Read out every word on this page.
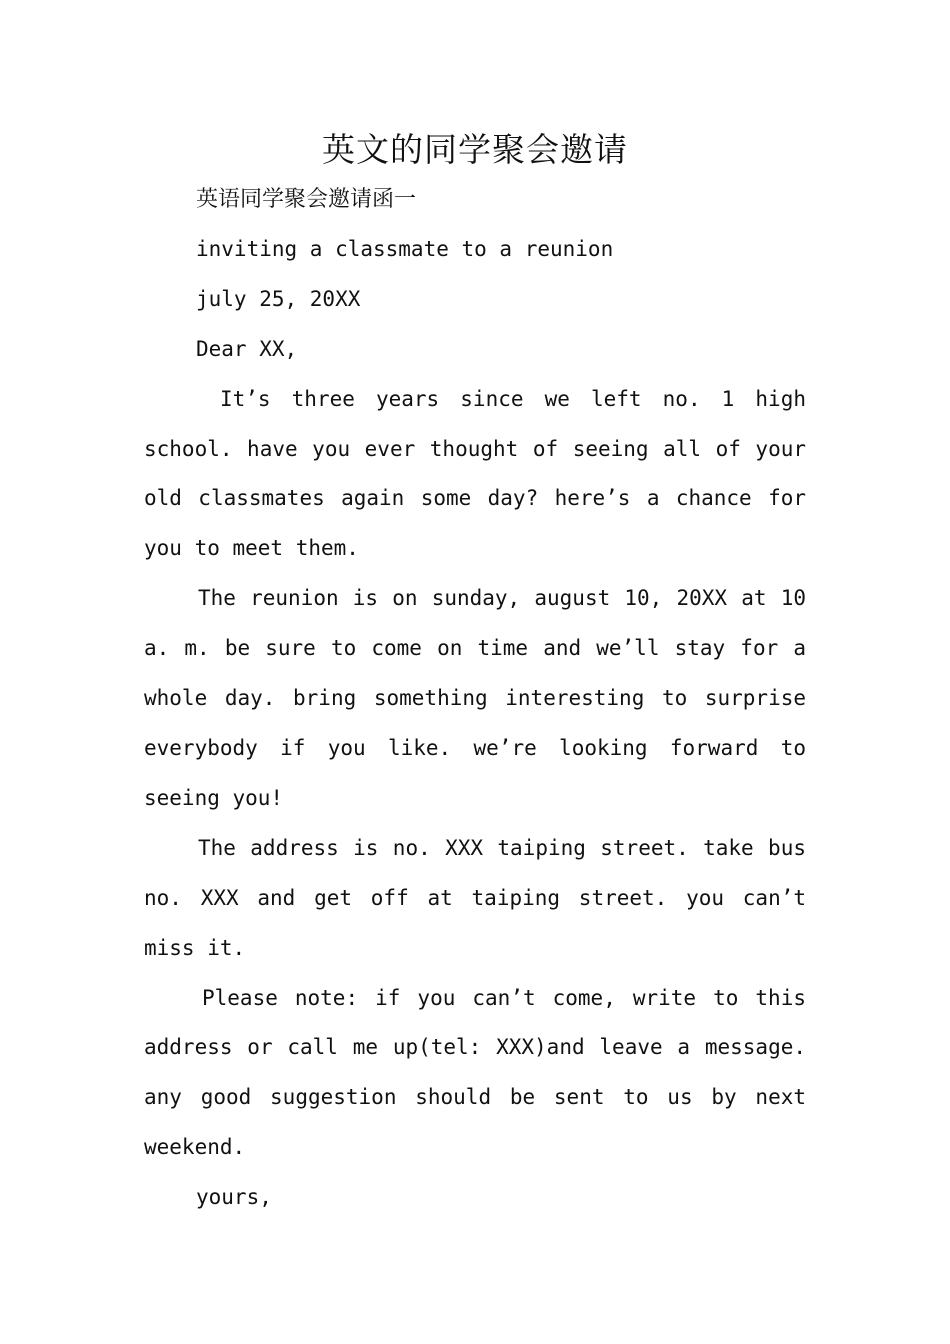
英文的同学聚会邀请

英语同学聚会邀请函一

inviting a classmate to a reunion

july 25, 20XX

Dear XX,

It’s three years since we left no. 1 high school. have you ever thought of seeing all of your old classmates again some day? here’s a chance for you to meet them.

The reunion is on sunday, august 10, 20XX at 10 a. m. be sure to come on time and we’ll stay for a whole day. bring something interesting to surprise everybody if you like. we’re looking forward to seeing you!

The address is no. XXX taiping street. take bus no. XXX and get off at taiping street. you can’t miss it.

Please note: if you can’t come, write to this address or call me up(tel: XXX)and leave a message. any good suggestion should be sent to us by next weekend.

yours,
